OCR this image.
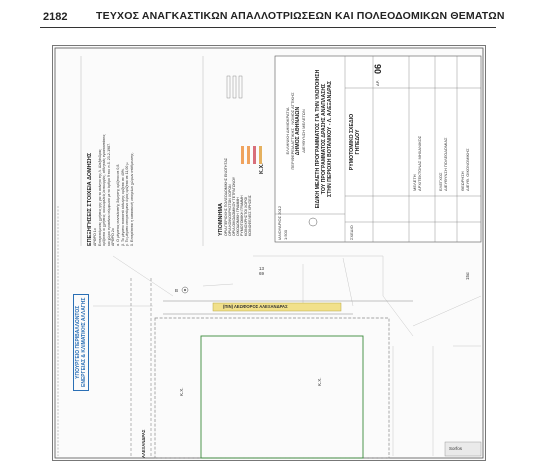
2182	ΤΕΥΧΟΣ ΑΝΑΓΚΑΣΤΙΚΩΝ ΑΠΑΛΛΟΤΡΙΩΣΕΩΝ ΚΑΙ ΠΟΛΕΟΔΟΜΙΚΩΝ ΘΕΜΑΤΩΝ
ΕΠΕΞΗΓΗΣΕΙΣ ΣΤΟΙΧΕΙΑ ΔΟΜΗΣΗΣ ΑΡΘΡΟ 1ο Επιτρεπόμενες χρήσεις γης για το ακίνητο της Λ. Αλεξάνδρας ορίζονται οι χρήσεις: κοινωφελείς λειτουργίες, αθλητικές εγκαταστάσεις και χώροι πρασίνου σύμφωνα με το άρθρο 9 του π.δ. 23-2-1987. ΑΡΘΡΟ 2ο α. Ο μέγιστος συντελεστής δόμησης ορίζεται σε 0,8. β. Το μέγιστο ποσοστό κάλυψης ορίζεται σε 40%. γ. Το μέγιστο επιτρεπόμενο ύψος ορίζεται σε 11,00 μ. δ. Επιτρέπεται η κατασκευή υπογείων χώρων στάθμευσης.	ΥΠΟΜΝΗΜΑ ΟΡΙΑ ΠΕΡΙΟΧΗΣ ΠΟΛΕΟΔΟΜΙΚΗΣ ΕΝΟΤΗΤΑΣ ΟΡΙΑ ΚΟΙΝΟΧΡΗΣΤΩΝ ΧΩΡΩΝ ΟΡΙΑ ΟΙΚΟΔΟΜΙΚΟΥ ΤΕΤΡΑΓΩΝΟΥ ΟΙΚΟΔΟΜΙΚΗ ΓΡΑΜΜΗ ΡΥΜΟΤΟΜΙΚΗ ΓΡΑΜΜΗ ΚΟΙΝΟΧΡΗΣΤΟΙ ΧΩΡΟΙ ΚΟΙΝΩΦΕΛΕΙΣ ΧΡΗΣΕΙΣ
Κ.Χ.
ΕΛΛΗΝΙΚΗ ΔΗΜΟΚΡΑΤΙΑ ΠΕΡΙΦΕΡΕΙΑ ΑΤΤΙΚΗΣ · ΝΟΜΟΣ ΑΤΤΙΚΗΣ ΔΗΜΟΣ ΑΘΗΝΑΙΩΝ ΔΙΕΥΘΥΝΣΗ ΜΕΛΕΤΩΝ ΕΙΔΙΚΗ ΜΕΛΕΤΗ ΠΡΟΓΡΑΜΜΑΤΟΣ ΓΙΑ ΤΗΝ ΥΛΟΠΟΙΗΣΗ ΤΟΥ ΠΡΟΓΡΑΜΜΑΤΟΣ ΔΡΑΣΗΣ ΑΝΑΠΛΑΣΗΣ ΣΤΗΝ ΠΕΡΙΟΧΗ ΒΟΤΑΝΙΚΟΥ - Λ. ΑΛΕΞΑΝΔΡΑΣ	ΡΥΜΟΤΟΜΙΚΟ ΣΧΕΔΙΟ ΓΗΠΕΔΟΥ
ΑΡ.
06
ΜΕΛΕΤΗ ΑΡΧΙΤΕΚΤΟΝΑΣ ΜΗΧΑΝΙΚΟΣ	ΕΛΕΓΧΟΣ ΔΙΕΥΘΥΝΣΗ ΠΟΛΕΟΔΟΜΙΑΣ	ΘΕΩΡΗΣΗ ΔΙΕΥΘ. ΟΙΚΟΝΟΜΙΚΗΣ
ΙΑΝΟΥΑΡΙΟΣ 2012 1:500	ΣΧΕΔΙΟ
ΥΠΟΥΡΓΕΙΟ ΠΕΡΙΒΑΛΛΟΝΤΟΣ ΕΝΕΡΓΕΙΑΣ & ΚΛΙΜΑΤΙΚΗΣ ΑΛΛΑΓΗΣ	(ΠΙΝ) ΛΕΩΦΟΡΟΣ ΑΛΕΞΑΝΔΡΑΣ
ΑΛΕΞΑΝΔΡΑΣ
13
69
Β
Κ.Χ.
Κ.Χ.
15α
Sorfos
